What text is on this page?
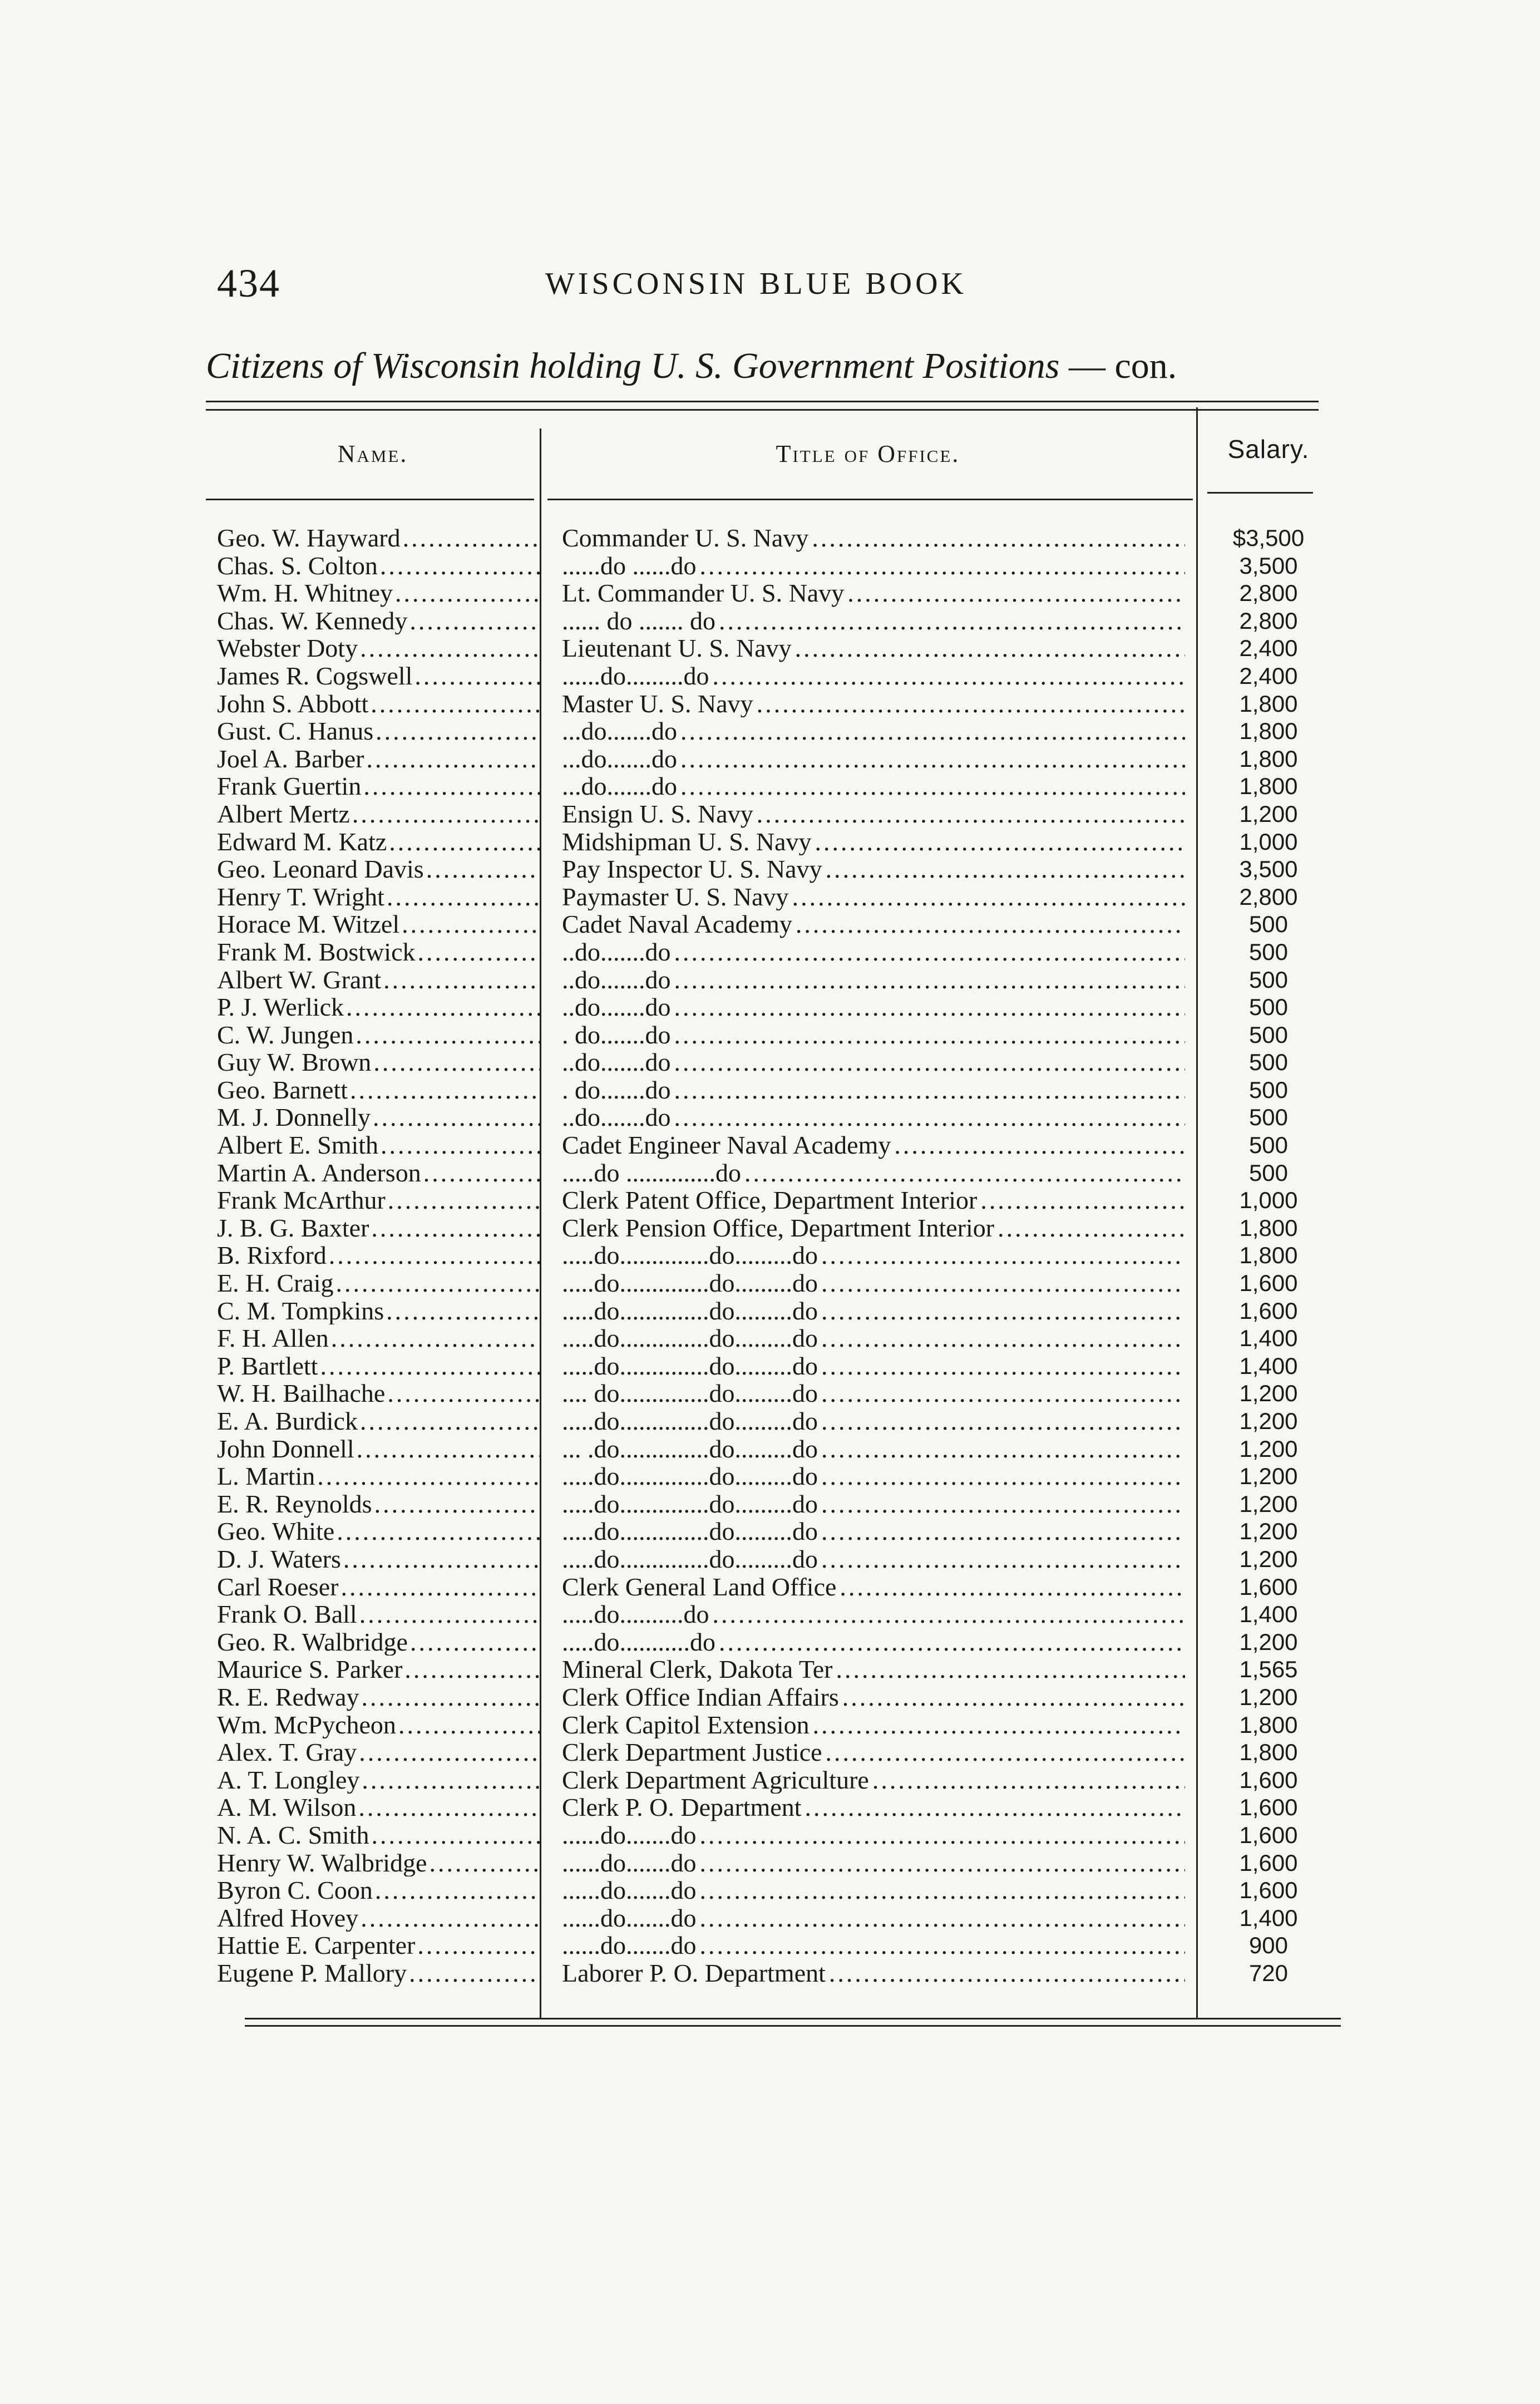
434	WISCONSIN BLUE BOOK
Citizens of Wisconsin holding U. S. Government Positions — con.
Name.	Title of Office.	Salary.
Geo. W. Hayward .....	Commander U. S. Navy .....	$3,500
Chas. S. Colton .....	......do ......do .....	3,500
Wm. H. Whitney .....	Lt. Commander U. S. Navy .....	2,800
Chas. W. Kennedy .....	...... do ....... do .....	2,800
Webster Doty .....	Lieutenant U. S. Navy .....	2,400
James R. Cogswell .....	......do.........do .....	2,400
John S. Abbott .....	Master U. S. Navy .....	1,800
Gust. C. Hanus .....	...do.......do .....	1,800
Joel A. Barber .....	...do.......do .....	1,800
Frank Guertin .....	...do.......do .....	1,800
Albert Mertz .....	Ensign U. S. Navy .....	1,200
Edward M. Katz .....	Midshipman U. S. Navy .....	1,000
Geo. Leonard Davis .....	Pay Inspector U. S. Navy .....	3,500
Henry T. Wright .....	Paymaster U. S. Navy .....	2,800
Horace M. Witzel .....	Cadet Naval Academy .....	500
Frank M. Bostwick .....	..do.......do .....	500
Albert W. Grant .....	..do.......do .....	500
P. J. Werlick .....	..do.......do .....	500
C. W. Jungen .....	. do.......do .....	500
Guy W. Brown .....	..do.......do .....	500
Geo. Barnett .....	. do.......do .....	500
M. J. Donnelly .....	..do.......do .....	500
Albert E. Smith .....	Cadet Engineer Naval Academy .....	500
Martin A. Anderson .....	.....do ..............do .....	500
Frank McArthur .....	Clerk Patent Office, Department Interior .....	1,000
J. B. G. Baxter .....	Clerk Pension Office, Department Interior .....	1,800
B. Rixford .....	.....do..............do.........do .....	1,800
E. H. Craig .....	.....do..............do.........do .....	1,600
C. M. Tompkins .....	.....do..............do.........do .....	1,600
F. H. Allen .....	.....do..............do.........do .....	1,400
P. Bartlett .....	.....do..............do.........do .....	1,400
W. H. Bailhache .....	.... do..............do.........do .....	1,200
E. A. Burdick .....	.....do..............do.........do .....	1,200
John Donnell .....	... .do..............do.........do .....	1,200
L. Martin .....	.....do..............do.........do .....	1,200
E. R. Reynolds .....	.....do..............do.........do .....	1,200
Geo. White .....	.....do..............do.........do .....	1,200
D. J. Waters .....	.....do..............do.........do .....	1,200
Carl Roeser .....	Clerk General Land Office .....	1,600
Frank O. Ball .....	.....do..........do .....	1,400
Geo. R. Walbridge .....	.....do...........do .....	1,200
Maurice S. Parker .....	Mineral Clerk, Dakota Ter .....	1,565
R. E. Redway .....	Clerk Office Indian Affairs .....	1,200
Wm. McPycheon .....	Clerk Capitol Extension .....	1,800
Alex. T. Gray .....	Clerk Department Justice .....	1,800
A. T. Longley .....	Clerk Department Agriculture .....	1,600
A. M. Wilson .....	Clerk P. O. Department .....	1,600
N. A. C. Smith .....	......do.......do .....	1,600
Henry W. Walbridge .....	......do.......do .....	1,600
Byron C. Coon .....	......do.......do .....	1,600
Alfred Hovey .....	......do.......do .....	1,400
Hattie E. Carpenter .....	......do.......do .....	900
Eugene P. Mallory .....	Laborer P. O. Department .....	720
